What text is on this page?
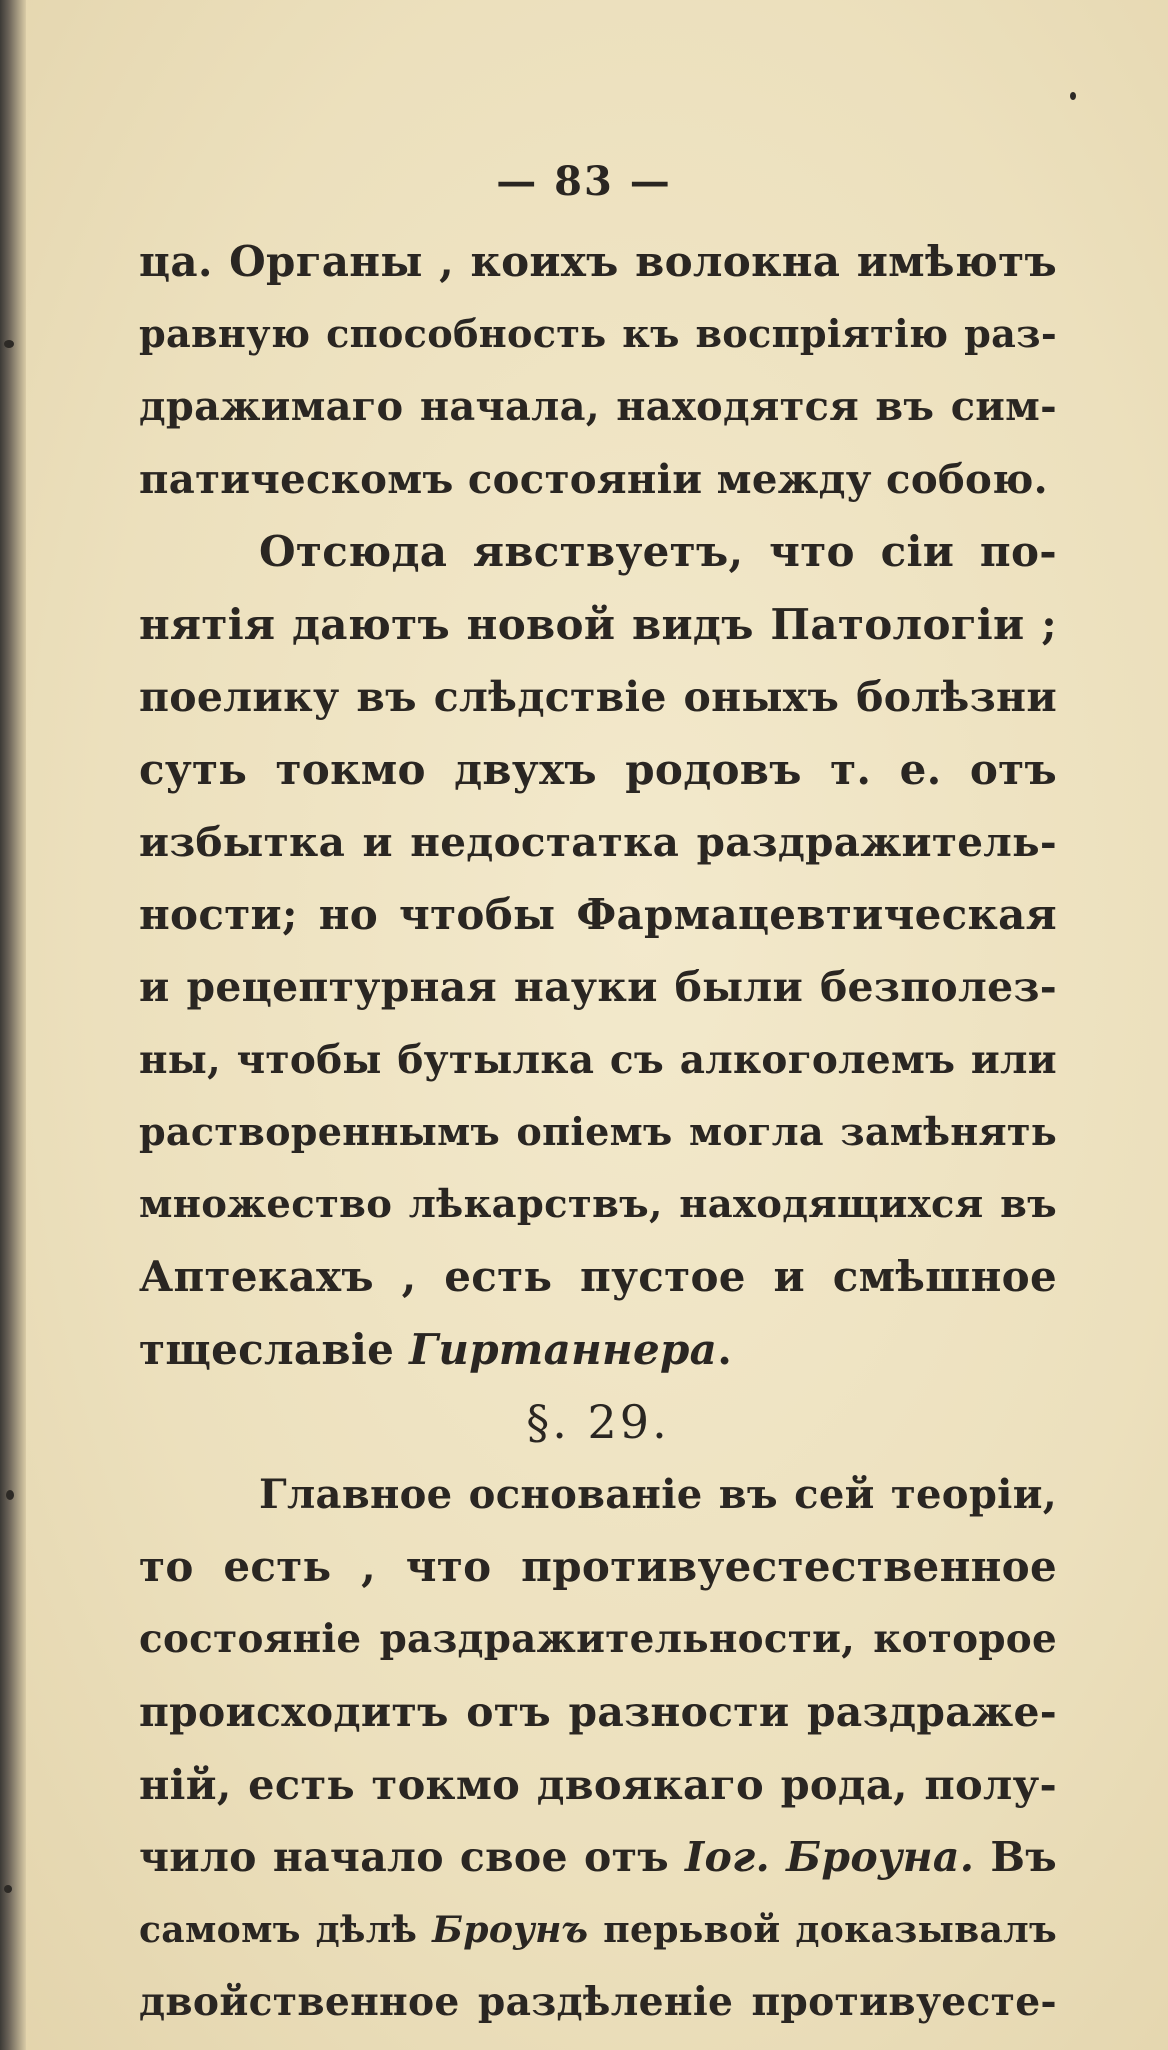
— 83 —
ца. Органы , коихъ волокна имѣютъ
равную способность къ воспріятію раз-
дражимаго начала, находятся въ сим-
патическомъ состояніи между собою.
Отсюда явствуетъ, что сіи по-
нятія даютъ новой видъ Патологіи ;
поелику въ слѣдствіе оныхъ болѣзни
суть токмо двухъ родовъ т. е. отъ
избытка и недостатка раздражитель-
ности; но чтобы Фармацевтическая
и рецептурная науки были безполез-
ны, чтобы бутылка съ алкоголемъ или
раствореннымъ опіемъ могла замѣнять
множество лѣкарствъ, находящихся въ
Аптекахъ , есть пустое и смѣшное
тщеславіе Гиртаннера.
§. 29.
Главное основаніе въ сей теоріи,
то есть , что противуестественное
состояніе раздражительности, которое
происходитъ отъ разности раздраже-
ній, есть токмо двоякаго рода, полу-
чило начало свое отъ Іог. Броуна. Въ
самомъ дѣлѣ Броунъ перьвой доказывалъ
двойственное раздѣленіе противуесте-
